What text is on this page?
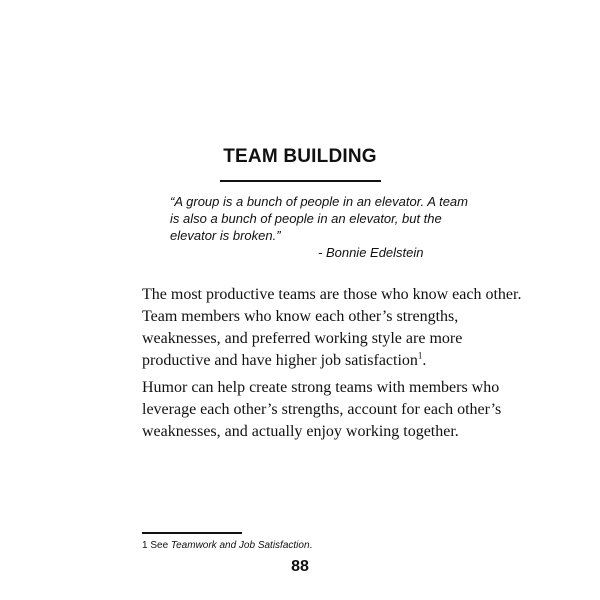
TEAM BUILDING
“A group is a bunch of people in an elevator. A team is also a bunch of people in an elevator, but the elevator is broken.”
- Bonnie Edelstein
The most productive teams are those who know each other. Team members who know each other’s strengths, weaknesses, and preferred working style are more productive and have higher job satisfaction$^1$.
Humor can help create strong teams with members who leverage each other’s strengths, account for each other’s weaknesses, and actually enjoy working together.
1 See Teamwork and Job Satisfaction.
88
